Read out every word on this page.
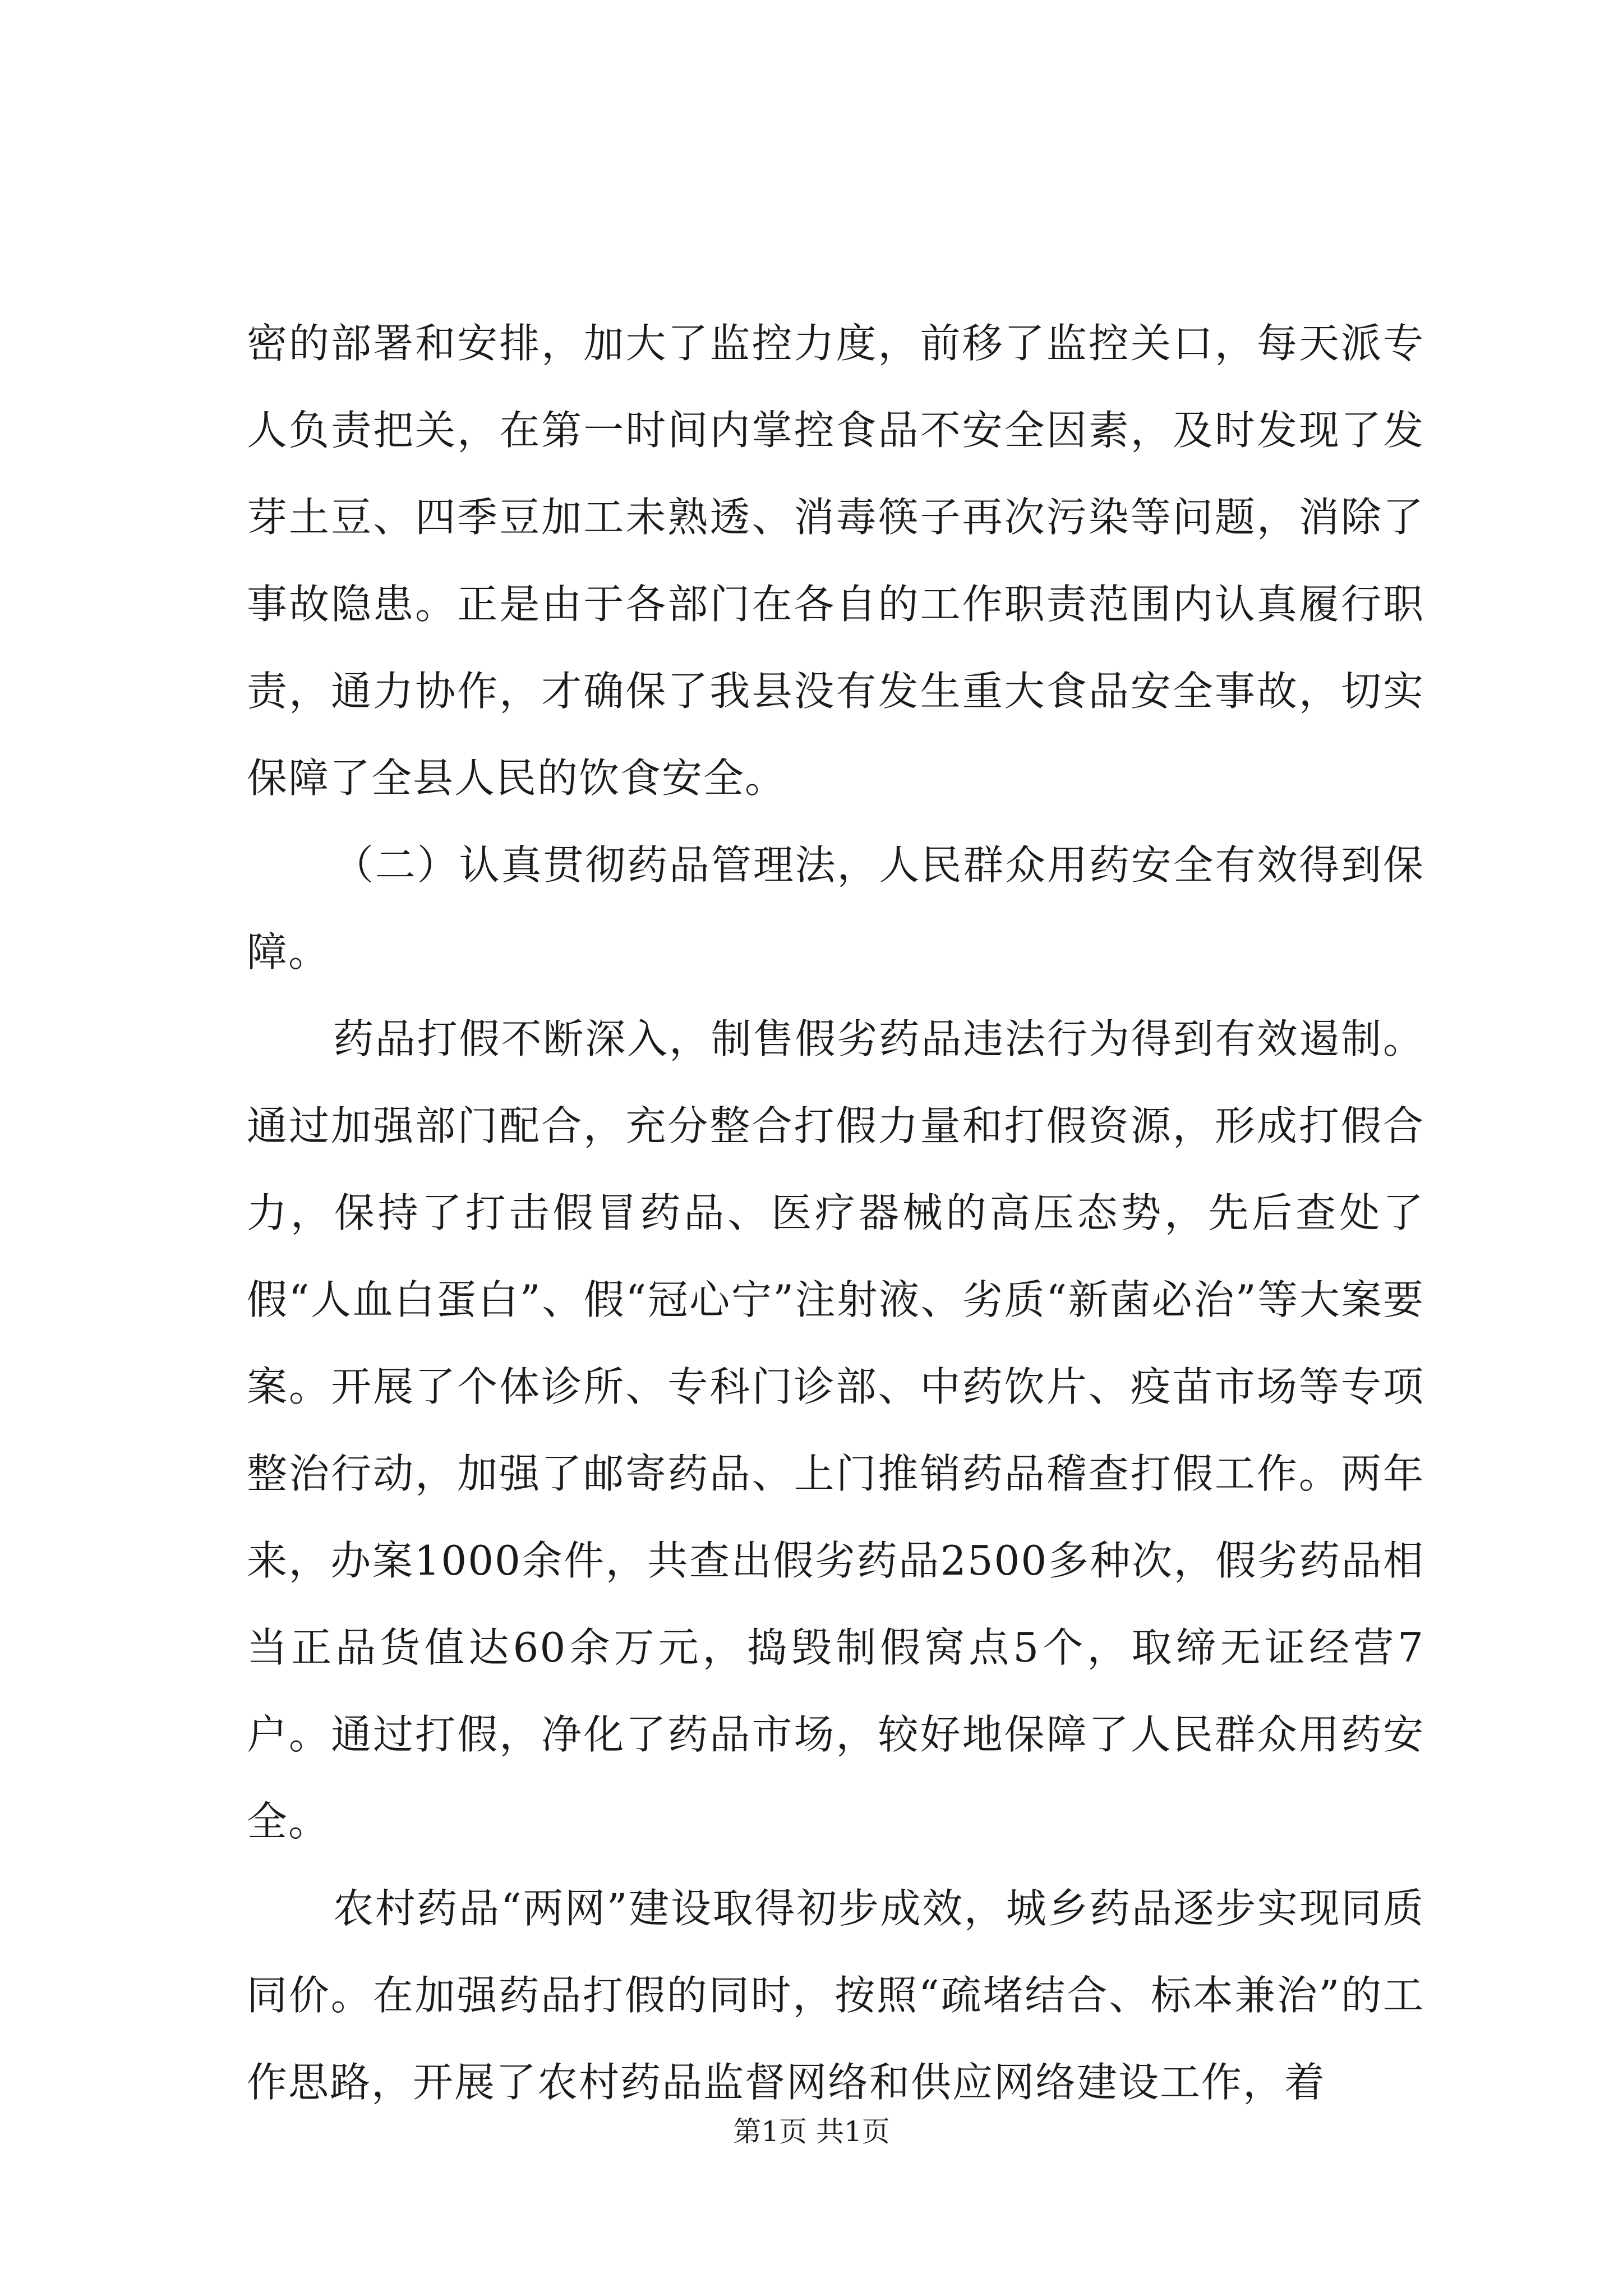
密的部署和安排，加大了监控力度，前移了监控关口，每天派专人负责把关，在第一时间内掌控食品不安全因素，及时发现了发芽土豆、四季豆加工未熟透、消毒筷子再次污染等问题，消除了事故隐患。正是由于各部门在各自的工作职责范围内认真履行职责，通力协作，才确保了我县没有发生重大食品安全事故，切实保障了全县人民的饮食安全。

（二）认真贯彻药品管理法，人民群众用药安全有效得到保障。

药品打假不断深入，制售假劣药品违法行为得到有效遏制。通过加强部门配合，充分整合打假力量和打假资源，形成打假合力，保持了打击假冒药品、医疗器械的高压态势，先后查处了假“人血白蛋白”、假“冠心宁”注射液、劣质“新菌必治”等大案要案。开展了个体诊所、专科门诊部、中药饮片、疫苗市场等专项整治行动，加强了邮寄药品、上门推销药品稽查打假工作。两年来，办案1000余件，共查出假劣药品2500多种次，假劣药品相当正品货值达60余万元，捣毁制假窝点5个，取缔无证经营7户。通过打假，净化了药品市场，较好地保障了人民群众用药安全。

农村药品“两网”建设取得初步成效，城乡药品逐步实现同质同价。在加强药品打假的同时，按照“疏堵结合、标本兼治”的工作思路，开展了农村药品监督网络和供应网络建设工作，着

第1页 共1页
